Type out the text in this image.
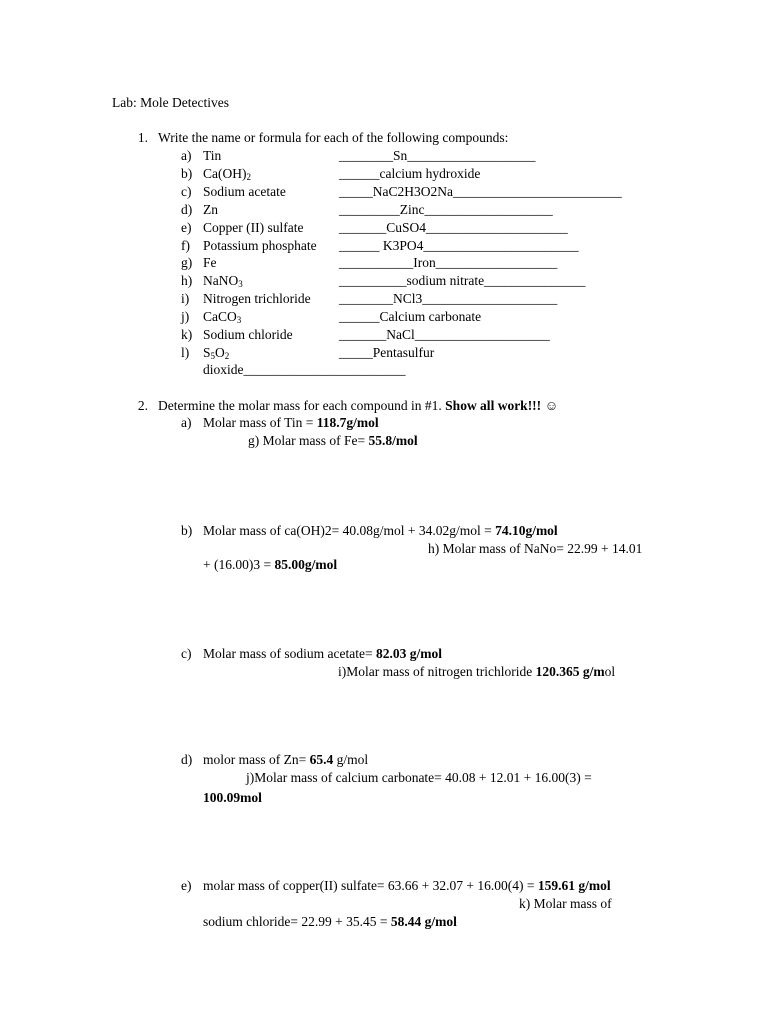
Lab: Mole Detectives
1. Write the name or formula for each of the following compounds:
a) Tin	________Sn___________________
b) $Ca(OH)_2$	______calcium hydroxide
c) Sodium acetate	_____NaC2H3O2Na_________________________
d) Zn	_________Zinc___________________
e) Copper (II) sulfate	_______CuSO4_____________________
f) Potassium phosphate ______ K3PO4_______________________
g) Fe	___________Iron__________________
h) NaNO$_3$	__________sodium nitrate_______________
i)	Nitrogen trichloride ________NCl3____________________
j)	CaCO$_3$	______Calcium carbonate
k) Sodium chloride	_______NaCl____________________
l)	$S_5O_2$	_____Pentasulfur
dioxide________________________
2. Determine the molar mass for each compound in #1. Show all work!!! ☺
a) Molar mass of Tin = 118.7g/mol
g) Molar mass of Fe= 55.8/mol
b) Molar mass of ca(OH)2= 40.08g/mol + 34.02g/mol = 74.10g/mol
h) Molar mass of NaNo= 22.99 + 14.01
+ (16.00)3 = 85.00g/mol
c) Molar mass of sodium acetate= 82.03 g/mol
i)Molar mass of nitrogen trichloride 120.365 g/mol
d) molor mass of Zn= 65.4 g/mol
j)Molar mass of calcium carbonate= 40.08 + 12.01 + 16.00(3) =
100.09mol
e) molar mass of copper(II) sulfate= 63.66 + 32.07 + 16.00(4) = 159.61 g/mol
k) Molar mass of
sodium chloride= 22.99 + 35.45 = 58.44 g/mol
